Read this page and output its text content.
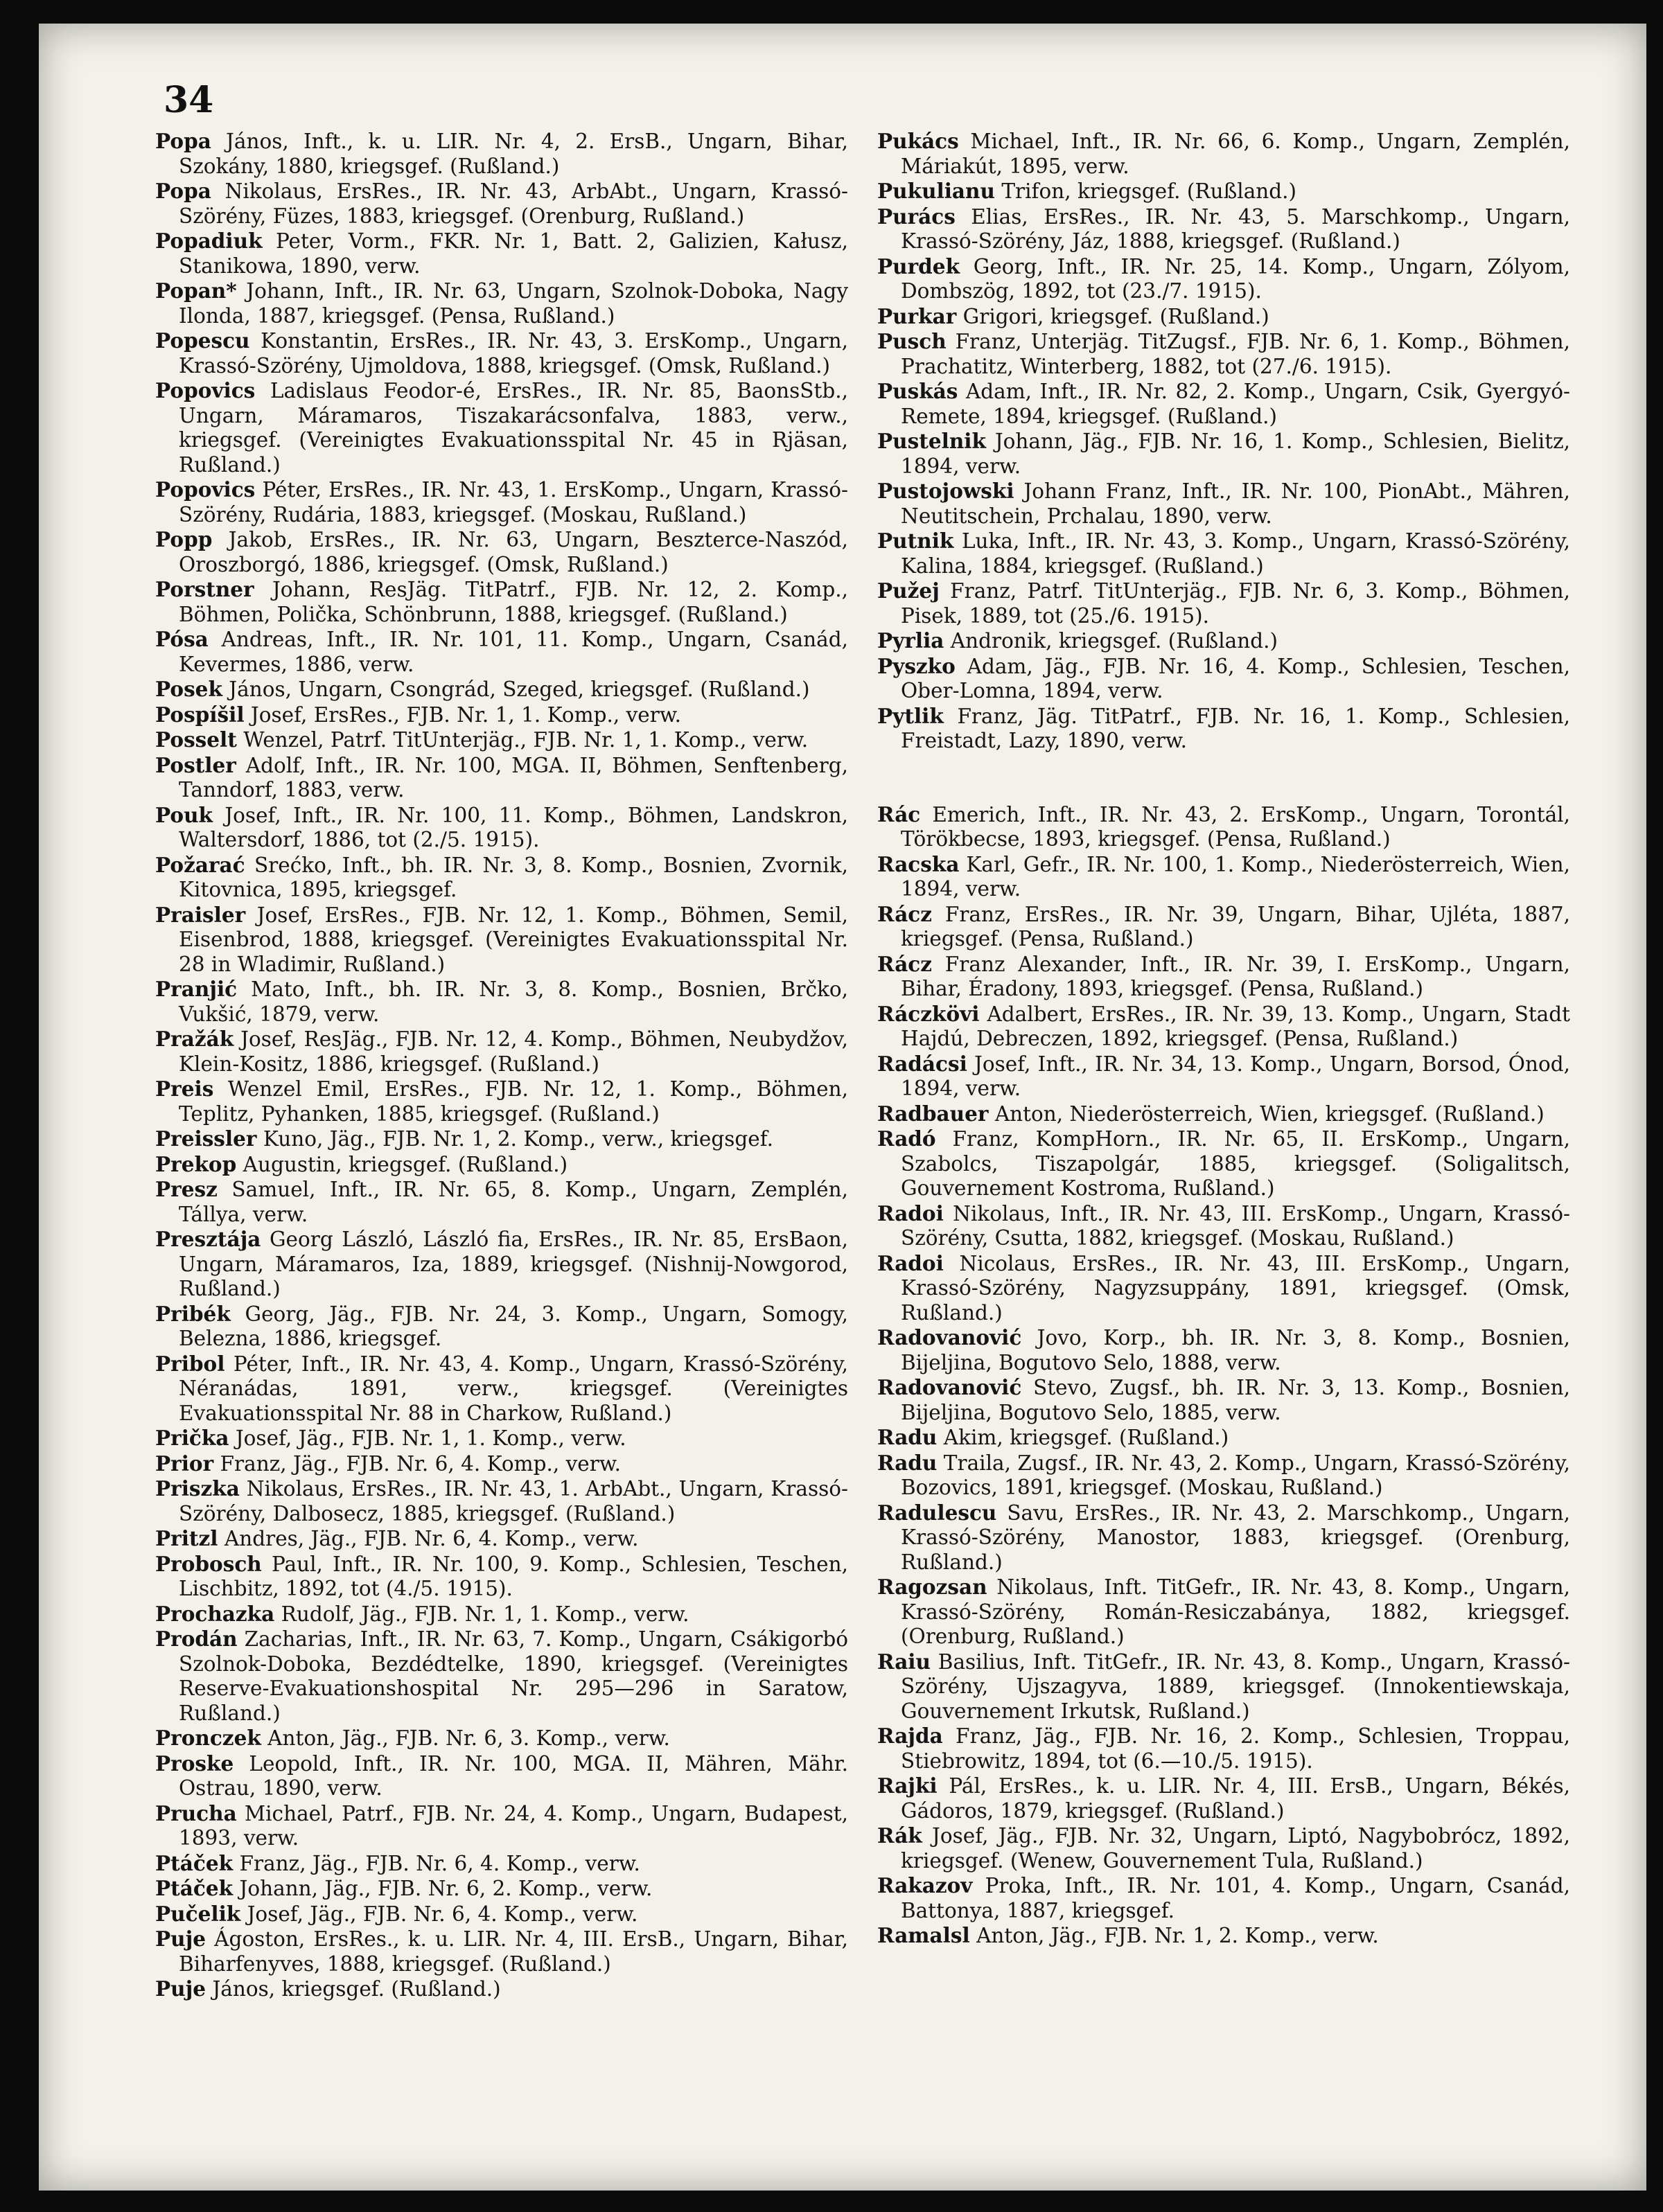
34

Popa János, Inft., k. u. LIR. Nr. 4, 2. ErsB., Ungarn, Bihar, Szokány, 1880, kriegsgef. (Rußland.)

Popa Nikolaus, ErsRes., IR. Nr. 43, ArbAbt., Ungarn, Krassó-Szörény, Füzes, 1883, kriegsgef. (Orenburg, Rußland.)

Popadiuk Peter, Vorm., FKR. Nr. 1, Batt. 2, Galizien, Kałusz, Stanikowa, 1890, verw.

Popan* Johann, Inft., IR. Nr. 63, Ungarn, Szolnok-Doboka, Nagy Ilonda, 1887, kriegsgef. (Pensa, Rußland.)

Popescu Konstantin, ErsRes., IR. Nr. 43, 3. ErsKomp., Ungarn, Krassó-Szörény, Ujmoldova, 1888, kriegsgef. (Omsk, Rußland.)

Popovics Ladislaus Feodor-é, ErsRes., IR. Nr. 85, BaonsStb., Ungarn, Máramaros, Tiszakarácsonfalva, 1883, verw., kriegsgef. (Vereinigtes Evakuationsspital Nr. 45 in Rjäsan, Rußland.)

Popovics Péter, ErsRes., IR. Nr. 43, 1. ErsKomp., Ungarn, Krassó-Szörény, Rudária, 1883, kriegsgef. (Moskau, Rußland.)

Popp Jakob, ErsRes., IR. Nr. 63, Ungarn, Beszterce-Naszód, Oroszborgó, 1886, kriegsgef. (Omsk, Rußland.)

Porstner Johann, ResJäg. TitPatrf., FJB. Nr. 12, 2. Komp., Böhmen, Polička, Schönbrunn, 1888, kriegsgef. (Rußland.)

Pósa Andreas, Inft., IR. Nr. 101, 11. Komp., Ungarn, Csanád, Kevermes, 1886, verw.

Posek János, Ungarn, Csongrád, Szeged, kriegsgef. (Rußland.)

Pospíšil Josef, ErsRes., FJB. Nr. 1, 1. Komp., verw.

Posselt Wenzel, Patrf. TitUnterjäg., FJB. Nr. 1, 1. Komp., verw.

Postler Adolf, Inft., IR. Nr. 100, MGA. II, Böhmen, Senftenberg, Tanndorf, 1883, verw.

Pouk Josef, Inft., IR. Nr. 100, 11. Komp., Böhmen, Landskron, Waltersdorf, 1886, tot (2./5. 1915).

Požarać Srećko, Inft., bh. IR. Nr. 3, 8. Komp., Bosnien, Zvornik, Kitovnica, 1895, kriegsgef.

Praisler Josef, ErsRes., FJB. Nr. 12, 1. Komp., Böhmen, Semil, Eisenbrod, 1888, kriegsgef. (Vereinigtes Evakuationsspital Nr. 28 in Wladimir, Rußland.)

Pranjić Mato, Inft., bh. IR. Nr. 3, 8. Komp., Bosnien, Brčko, Vukšić, 1879, verw.

Pražák Josef, ResJäg., FJB. Nr. 12, 4. Komp., Böhmen, Neubydžov, Klein-Kositz, 1886, kriegsgef. (Rußland.)

Preis Wenzel Emil, ErsRes., FJB. Nr. 12, 1. Komp., Böhmen, Teplitz, Pyhanken, 1885, kriegsgef. (Rußland.)

Preissler Kuno, Jäg., FJB. Nr. 1, 2. Komp., verw., kriegsgef.

Prekop Augustin, kriegsgef. (Rußland.)

Presz Samuel, Inft., IR. Nr. 65, 8. Komp., Ungarn, Zemplén, Tállya, verw.

Presztája Georg László, László fia, ErsRes., IR. Nr. 85, ErsBaon, Ungarn, Máramaros, Iza, 1889, kriegsgef. (Nishnij-Nowgorod, Rußland.)

Pribék Georg, Jäg., FJB. Nr. 24, 3. Komp., Ungarn, Somogy, Belezna, 1886, kriegsgef.

Pribol Péter, Inft., IR. Nr. 43, 4. Komp., Ungarn, Krassó-Szörény, Néranádas, 1891, verw., kriegsgef. (Vereinigtes Evakuationsspital Nr. 88 in Charkow, Rußland.)

Prička Josef, Jäg., FJB. Nr. 1, 1. Komp., verw.

Prior Franz, Jäg., FJB. Nr. 6, 4. Komp., verw.

Priszka Nikolaus, ErsRes., IR. Nr. 43, 1. ArbAbt., Ungarn, Krassó-Szörény, Dalbosecz, 1885, kriegsgef. (Rußland.)

Pritzl Andres, Jäg., FJB. Nr. 6, 4. Komp., verw.

Probosch Paul, Inft., IR. Nr. 100, 9. Komp., Schlesien, Teschen, Lischbitz, 1892, tot (4./5. 1915).

Prochazka Rudolf, Jäg., FJB. Nr. 1, 1. Komp., verw.

Prodán Zacharias, Inft., IR. Nr. 63, 7. Komp., Ungarn, Csákigorbó Szolnok-Doboka, Bezdédtelke, 1890, kriegsgef. (Vereinigtes Reserve-Evakuationshospital Nr. 295—296 in Saratow, Rußland.)

Pronczek Anton, Jäg., FJB. Nr. 6, 3. Komp., verw.

Proske Leopold, Inft., IR. Nr. 100, MGA. II, Mähren, Mähr. Ostrau, 1890, verw.

Prucha Michael, Patrf., FJB. Nr. 24, 4. Komp., Ungarn, Budapest, 1893, verw.

Ptáček Franz, Jäg., FJB. Nr. 6, 4. Komp., verw.

Ptáček Johann, Jäg., FJB. Nr. 6, 2. Komp., verw.

Pučelik Josef, Jäg., FJB. Nr. 6, 4. Komp., verw.

Puje Ágoston, ErsRes., k. u. LIR. Nr. 4, III. ErsB., Ungarn, Bihar, Biharfenyves, 1888, kriegsgef. (Rußland.)

Puje János, kriegsgef. (Rußland.)

Pukács Michael, Inft., IR. Nr. 66, 6. Komp., Ungarn, Zemplén, Máriakút, 1895, verw.

Pukulianu Trifon, kriegsgef. (Rußland.)

Purács Elias, ErsRes., IR. Nr. 43, 5. Marschkomp., Ungarn, Krassó-Szörény, Jáz, 1888, kriegsgef. (Rußland.)

Purdek Georg, Inft., IR. Nr. 25, 14. Komp., Ungarn, Zólyom, Dombszög, 1892, tot (23./7. 1915).

Purkar Grigori, kriegsgef. (Rußland.)

Pusch Franz, Unterjäg. TitZugsf., FJB. Nr. 6, 1. Komp., Böhmen, Prachatitz, Winterberg, 1882, tot (27./6. 1915).

Puskás Adam, Inft., IR. Nr. 82, 2. Komp., Ungarn, Csik, Gyergyó-Remete, 1894, kriegsgef. (Rußland.)

Pustelnik Johann, Jäg., FJB. Nr. 16, 1. Komp., Schlesien, Bielitz, 1894, verw.

Pustojowski Johann Franz, Inft., IR. Nr. 100, PionAbt., Mähren, Neutitschein, Prchalau, 1890, verw.

Putnik Luka, Inft., IR. Nr. 43, 3. Komp., Ungarn, Krassó-Szörény, Kalina, 1884, kriegsgef. (Rußland.)

Pužej Franz, Patrf. TitUnterjäg., FJB. Nr. 6, 3. Komp., Böhmen, Pisek, 1889, tot (25./6. 1915).

Pyrlia Andronik, kriegsgef. (Rußland.)

Pyszko Adam, Jäg., FJB. Nr. 16, 4. Komp., Schlesien, Teschen, Ober-Lomna, 1894, verw.

Pytlik Franz, Jäg. TitPatrf., FJB. Nr. 16, 1. Komp., Schlesien, Freistadt, Lazy, 1890, verw.

Rác Emerich, Inft., IR. Nr. 43, 2. ErsKomp., Ungarn, Torontál, Törökbecse, 1893, kriegsgef. (Pensa, Rußland.)

Racska Karl, Gefr., IR. Nr. 100, 1. Komp., Niederösterreich, Wien, 1894, verw.

Rácz Franz, ErsRes., IR. Nr. 39, Ungarn, Bihar, Ujléta, 1887, kriegsgef. (Pensa, Rußland.)

Rácz Franz Alexander, Inft., IR. Nr. 39, I. ErsKomp., Ungarn, Bihar, Éradony, 1893, kriegsgef. (Pensa, Rußland.)

Ráczkövi Adalbert, ErsRes., IR. Nr. 39, 13. Komp., Ungarn, Stadt Hajdú, Debreczen, 1892, kriegsgef. (Pensa, Rußland.)

Radácsi Josef, Inft., IR. Nr. 34, 13. Komp., Ungarn, Borsod, Ónod, 1894, verw.

Radbauer Anton, Niederösterreich, Wien, kriegsgef. (Rußland.)

Radó Franz, KompHorn., IR. Nr. 65, II. ErsKomp., Ungarn, Szabolcs, Tiszapolgár, 1885, kriegsgef. (Soligalitsch, Gouvernement Kostroma, Rußland.)

Radoi Nikolaus, Inft., IR. Nr. 43, III. ErsKomp., Ungarn, Krassó-Szörény, Csutta, 1882, kriegsgef. (Moskau, Rußland.)

Radoi Nicolaus, ErsRes., IR. Nr. 43, III. ErsKomp., Ungarn, Krassó-Szörény, Nagyzsuppány, 1891, kriegsgef. (Omsk, Rußland.)

Radovanović Jovo, Korp., bh. IR. Nr. 3, 8. Komp., Bosnien, Bijeljina, Bogutovo Selo, 1888, verw.

Radovanović Stevo, Zugsf., bh. IR. Nr. 3, 13. Komp., Bosnien, Bijeljina, Bogutovo Selo, 1885, verw.

Radu Akim, kriegsgef. (Rußland.)

Radu Traila, Zugsf., IR. Nr. 43, 2. Komp., Ungarn, Krassó-Szörény, Bozovics, 1891, kriegsgef. (Moskau, Rußland.)

Radulescu Savu, ErsRes., IR. Nr. 43, 2. Marschkomp., Ungarn, Krassó-Szörény, Manostor, 1883, kriegsgef. (Orenburg, Rußland.)

Ragozsan Nikolaus, Inft. TitGefr., IR. Nr. 43, 8. Komp., Ungarn, Krassó-Szörény, Román-Resiczabánya, 1882, kriegsgef. (Orenburg, Rußland.)

Raiu Basilius, Inft. TitGefr., IR. Nr. 43, 8. Komp., Ungarn, Krassó-Szörény, Ujszagyva, 1889, kriegsgef. (Innokentiewskaja, Gouvernement Irkutsk, Rußland.)

Rajda Franz, Jäg., FJB. Nr. 16, 2. Komp., Schlesien, Troppau, Stiebrowitz, 1894, tot (6.—10./5. 1915).

Rajki Pál, ErsRes., k. u. LIR. Nr. 4, III. ErsB., Ungarn, Békés, Gádoros, 1879, kriegsgef. (Rußland.)

Rák Josef, Jäg., FJB. Nr. 32, Ungarn, Liptó, Nagybobrócz, 1892, kriegsgef. (Wenew, Gouvernement Tula, Rußland.)

Rakazov Proka, Inft., IR. Nr. 101, 4. Komp., Ungarn, Csanád, Battonya, 1887, kriegsgef.

Ramalsl Anton, Jäg., FJB. Nr. 1, 2. Komp., verw.
